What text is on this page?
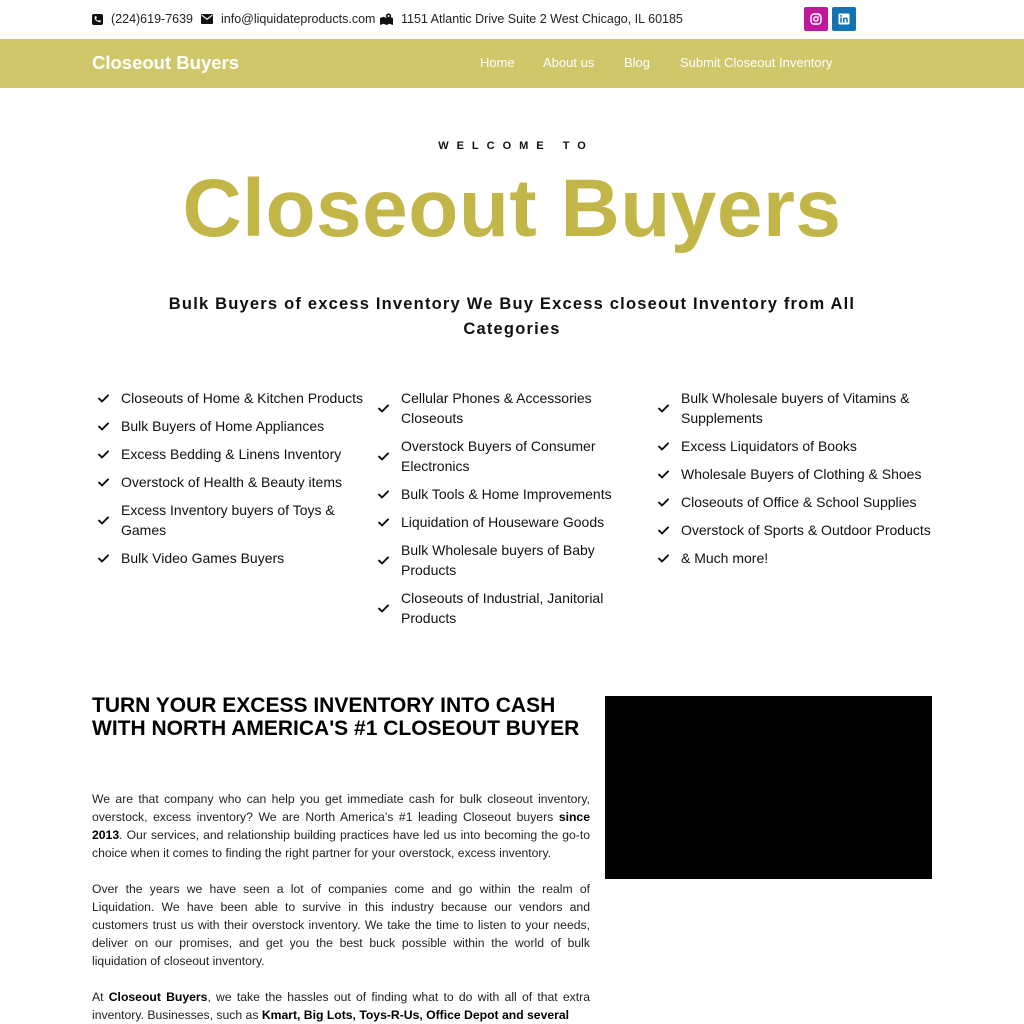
(224)619-7639 info@liquidateproducts.com 1151 Atlantic Drive Suite 2 West Chicago, IL 60185
Closeout Buyers	Home About us Blog Submit Closeout Inventory
WELCOME TO
Closeout Buyers
Bulk Buyers of excess Inventory We Buy Excess closeout Inventory from All Categories
Closeouts of Home & Kitchen Products
Bulk Buyers of Home Appliances
Excess Bedding & Linens Inventory
Overstock of Health & Beauty items
Excess Inventory buyers of Toys & Games
Bulk Video Games Buyers
Cellular Phones & Accessories Closeouts
Overstock Buyers of Consumer Electronics
Bulk Tools & Home Improvements
Liquidation of Houseware Goods
Bulk Wholesale buyers of Baby Products
Closeouts of Industrial, Janitorial Products
Bulk Wholesale buyers of Vitamins & Supplements
Excess Liquidators of Books
Wholesale Buyers of Clothing & Shoes
Closeouts of Office & School Supplies
Overstock of Sports & Outdoor Products
& Much more!
TURN YOUR EXCESS INVENTORY INTO CASH WITH NORTH AMERICA'S #1 CLOSEOUT BUYER

We are that company who can help you get immediate cash for bulk closeout inventory, overstock, excess inventory? We are North America’s #1 leading Closeout buyers since 2013. Our services, and relationship building practices have led us into becoming the go-to choice when it comes to finding the right partner for your overstock, excess inventory.

Over the years we have seen a lot of companies come and go within the realm of Liquidation. We have been able to survive in this industry because our vendors and customers trust us with their overstock inventory. We take the time to listen to your needs, deliver on our promises, and get you the best buck possible within the world of bulk liquidation of closeout inventory.

At Closeout Buyers, we take the hassles out of finding what to do with all of that extra inventory. Businesses, such as Kmart, Big Lots, Toys-R-Us, Office Depot and several
